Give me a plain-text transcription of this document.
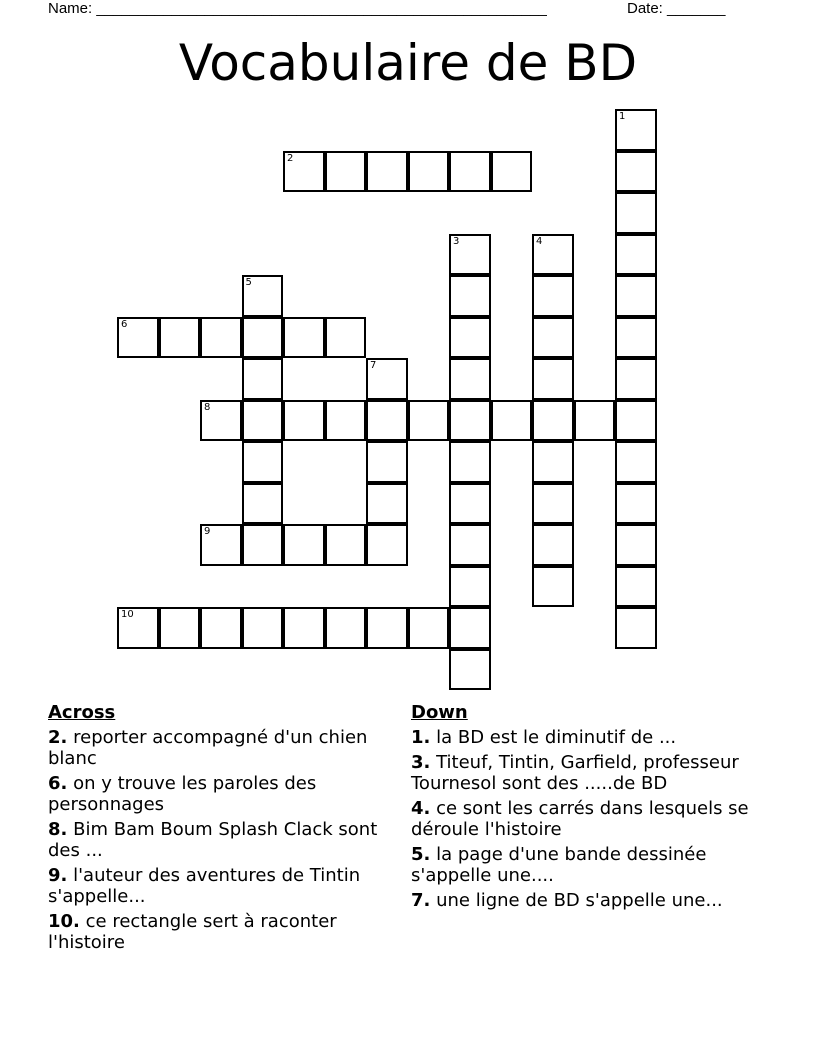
Name: ______________________________________________________	Date: _______
Vocabulaire de BD
2
6
8
9
10
1
3	4
5
7
Across
2. reporter accompagné d'un chien blanc
6. on y trouve les paroles des personnages
8. Bim Bam Boum Splash Clack sont des ...
9. l'auteur des aventures de Tintin s'appelle...
10. ce rectangle sert à raconter l'histoire
Down
1. la BD est le diminutif de ...
3. Titeuf, Tintin, Garfield, professeur Tournesol sont des .....de BD
4. ce sont les carrés dans lesquels se déroule l'histoire
5. la page d'une bande dessinée s'appelle une....
7. une ligne de BD s'appelle une...
